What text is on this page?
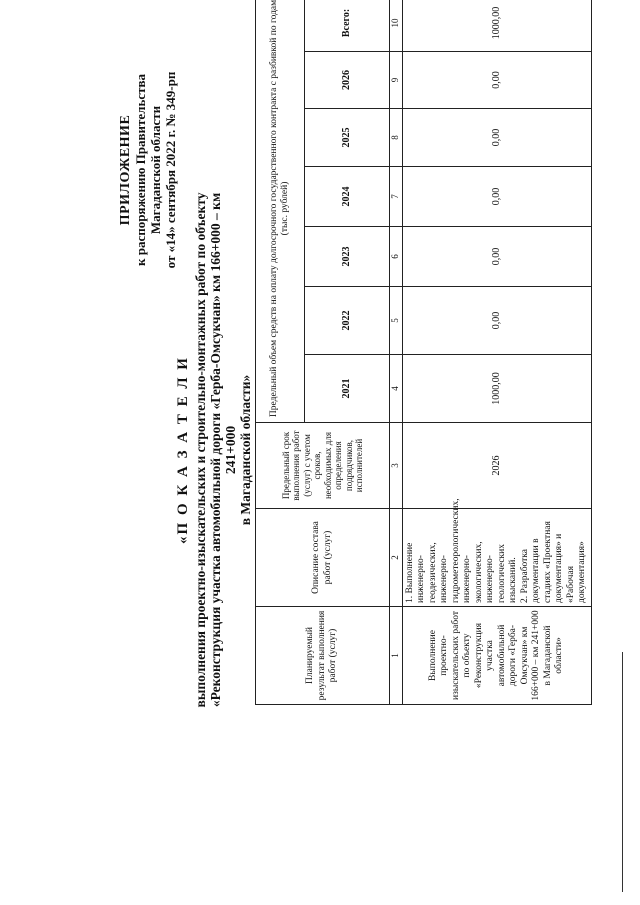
ПРИЛОЖЕНИЕ к распоряжению Правительства Магаданской области от «14» сентября 2022 г. № 349-рп
«П О К А З А Т Е Л И выполнения проектно-изыскательских и строительно-монтажных работ по объекту «Реконструкция участка автомобильной дороги «Герба-Омсукчан» км 166+000 – км 241+000 в Магаданской области»
Планируемый результат выполнения работ (услуг)	Описание состава работ (услуг)	Предельный срок выполнения работ (услуг) с учетом сроков, необходимых для определения подрядчиков, исполнителей	Предельный объем средств на оплату долгосрочного государственного контракта с разбивкой по годам (тыс. рублей)						
			2021	2022	2023	2024	2025	2026	Всего:
1	2	3	4	5	6	7	8	9	10
Выполнение проектно-изыскательских работ по объекту «Реконструкция участка автомобильной дороги «Герба-Омсукчан» км 166+000 – км 241+000 в Магаданской области»	1. Выполнение инженерно-геодезических, инженерно-гидрометеорологических, инженерно-экологических, инженерно-геологических изысканий. 2. Разработка документации в стадиях «Проектная документация» и «Рабочая документация»	2026	1000,00	0,00	0,00	0,00	0,00	0,00	1000,00
